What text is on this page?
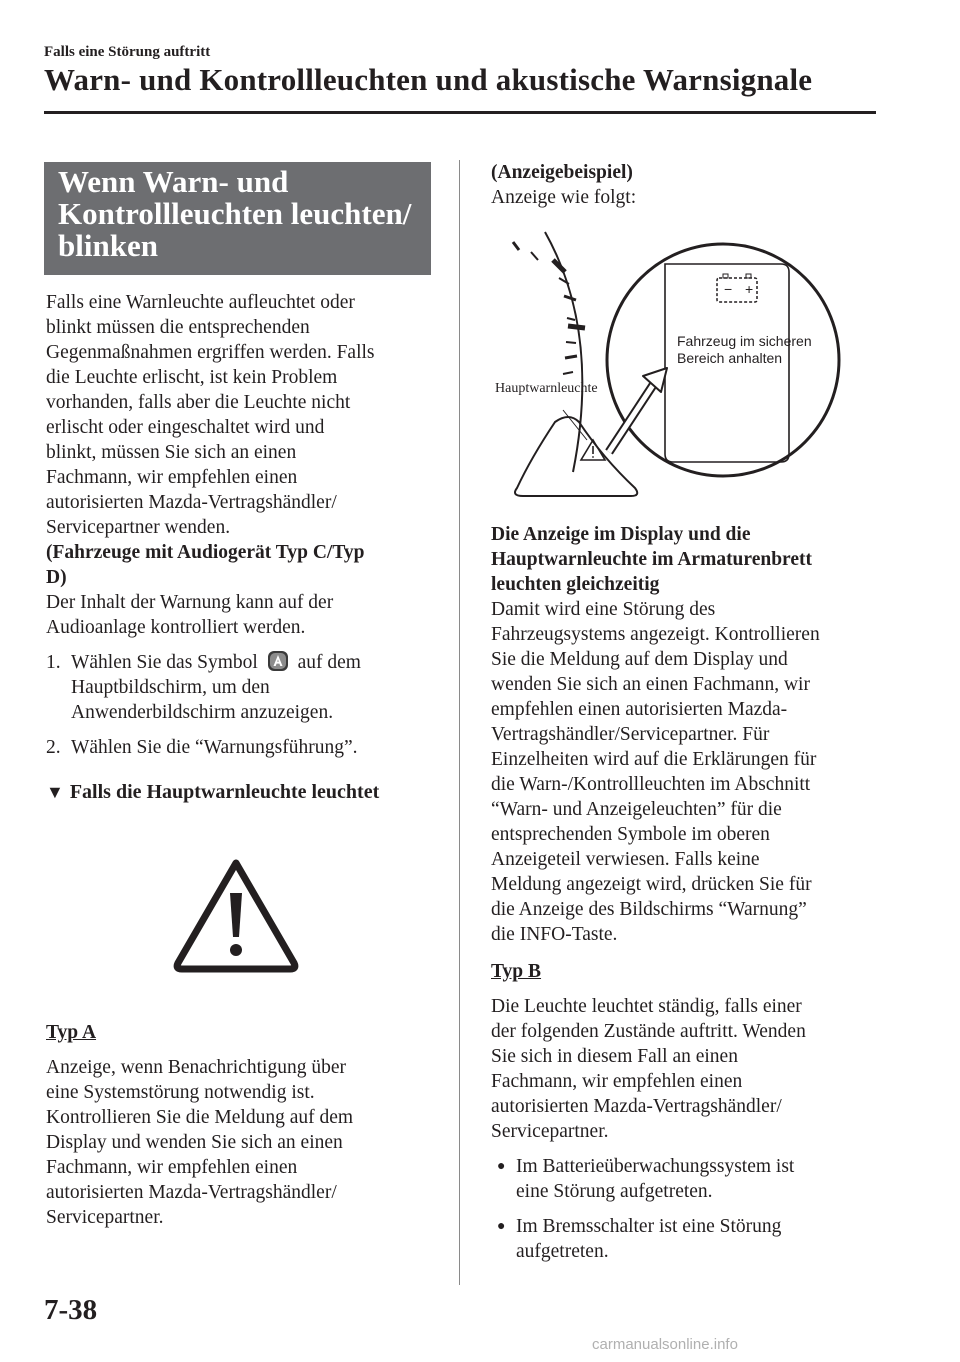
Falls eine Störung auftritt
Warn- und Kontrollleuchten und akustische Warnsignale
Wenn Warn- und
Kontrollleuchten leuchten/
blinken

Falls eine Warnleuchte aufleuchtet oder
blinkt müssen die entsprechenden
Gegenmaßnahmen ergriffen werden. Falls
die Leuchte erlischt, ist kein Problem
vorhanden, falls aber die Leuchte nicht
erlischt oder eingeschaltet wird und
blinkt, müssen Sie sich an einen
Fachmann, wir empfehlen einen
autorisierten Mazda-Vertragshändler/
Servicepartner wenden.

(Fahrzeuge mit Audiogerät Typ C/Typ
D)

Der Inhalt der Warnung kann auf der
Audioanlage kontrolliert werden.

1. Wählen Sie das Symbol auf dem
Hauptbildschirm, um den
Anwenderbildschirm anzuzeigen.
2. Wählen Sie die “Warnungsführung”.
▼ Falls die Hauptwarnleuchte leuchtet
Typ A

Anzeige, wenn Benachrichtigung über
eine Systemstörung notwendig ist.
Kontrollieren Sie die Meldung auf dem
Display und wenden Sie sich an einen
Fachmann, wir empfehlen einen
autorisierten Mazda-Vertragshändler/
Servicepartner.

(Anzeigebeispiel)

Anzeige wie folgt:

− +
Fahrzeug im sicheren
Bereich anhalten
Hauptwarnleuchte

Die Anzeige im Display und die
Hauptwarnleuchte im Armaturenbrett
leuchten gleichzeitig

Damit wird eine Störung des
Fahrzeugsystems angezeigt. Kontrollieren
Sie die Meldung auf dem Display und
wenden Sie sich an einen Fachmann, wir
empfehlen einen autorisierten Mazda-
Vertragshändler/Servicepartner. Für
Einzelheiten wird auf die Erklärungen für
die Warn-/Kontrollleuchten im Abschnitt
“Warn- und Anzeigeleuchten” für die
entsprechenden Symbole im oberen
Anzeigeteil verwiesen. Falls keine
Meldung angezeigt wird, drücken Sie für
die Anzeige des Bildschirms “Warnung”
die INFO-Taste.

Typ B

Die Leuchte leuchtet ständig, falls einer
der folgenden Zustände auftritt. Wenden
Sie sich in diesem Fall an einen
Fachmann, wir empfehlen einen
autorisierten Mazda-Vertragshändler/
Servicepartner.

● Im Batterieüberwachungssystem ist
eine Störung aufgetreten.
● Im Bremsschalter ist eine Störung
aufgetreten.
7-38
carmanualsonline.info
